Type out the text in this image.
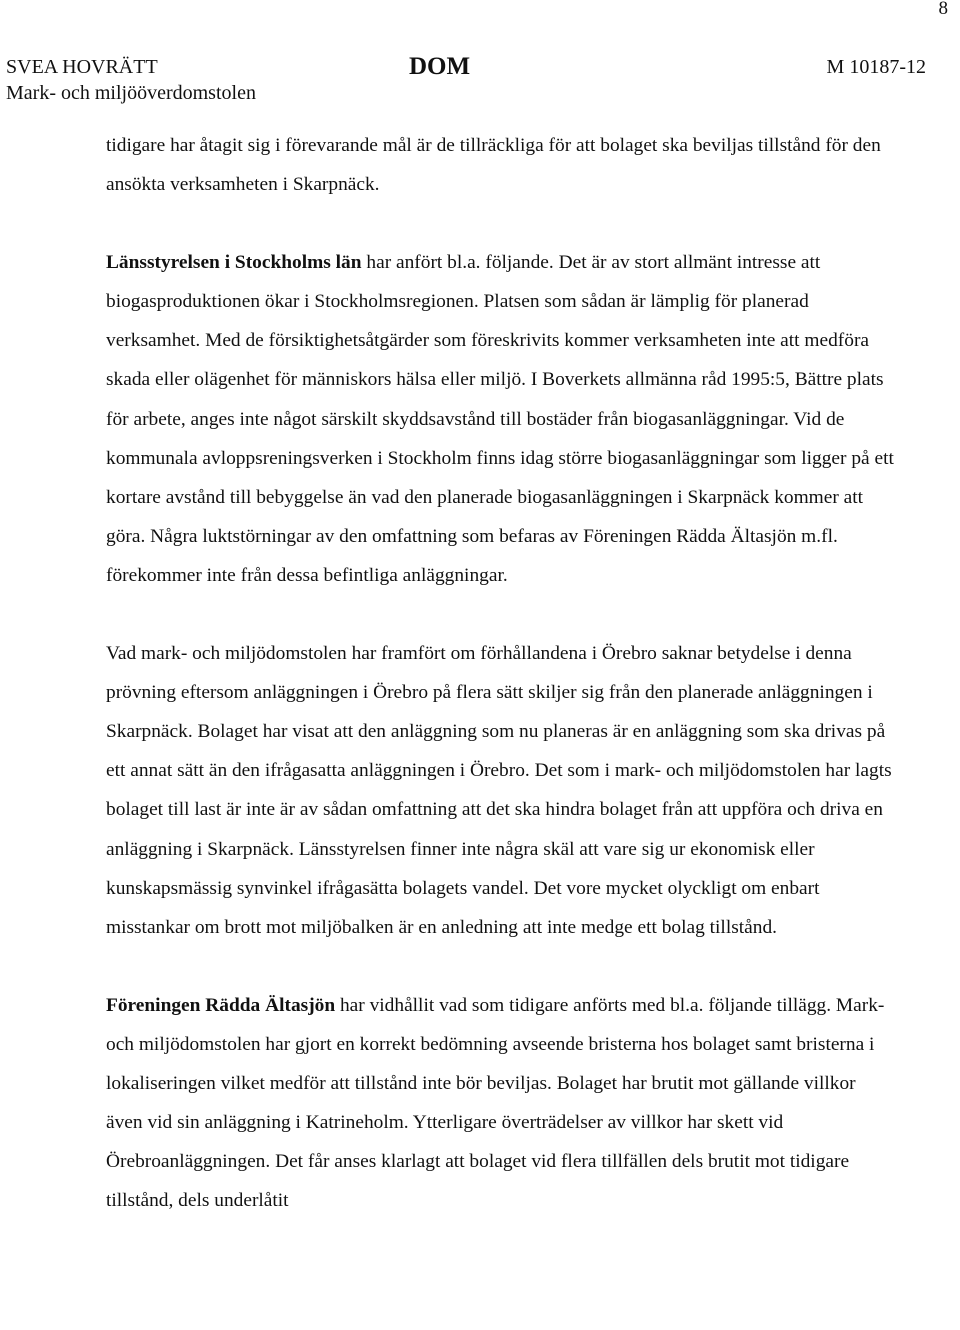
8
SVEA HOVRÄTT
Mark- och miljööverdomstolen
DOM	M 10187-12

tidigare har åtagit sig i förevarande mål är de tillräckliga för att bolaget ska beviljas tillstånd för den ansökta verksamheten i Skarpnäck.

Länsstyrelsen i Stockholms län har anfört bl.a. följande. Det är av stort allmänt intresse att biogasproduktionen ökar i Stockholmsregionen. Platsen som sådan är lämplig för planerad verksamhet. Med de försiktighetsåtgärder som föreskrivits kommer verksamheten inte att medföra skada eller olägenhet för människors hälsa eller miljö. I Boverkets allmänna råd 1995:5, Bättre plats för arbete, anges inte något särskilt skyddsavstånd till bostäder från biogasanläggningar. Vid de kommunala avloppsreningsverken i Stockholm finns idag större biogasanläggningar som ligger på ett kortare avstånd till bebyggelse än vad den planerade biogasanläggningen i Skarpnäck kommer att göra. Några luktstörningar av den omfattning som befaras av Föreningen Rädda Ältasjön m.fl. förekommer inte från dessa befintliga anläggningar.

Vad mark- och miljödomstolen har framfört om förhållandena i Örebro saknar betydelse i denna prövning eftersom anläggningen i Örebro på flera sätt skiljer sig från den planerade anläggningen i Skarpnäck. Bolaget har visat att den anläggning som nu planeras är en anläggning som ska drivas på ett annat sätt än den ifrågasatta anläggningen i Örebro. Det som i mark- och miljödomstolen har lagts bolaget till last är inte är av sådan omfattning att det ska hindra bolaget från att uppföra och driva en anläggning i Skarpnäck. Länsstyrelsen finner inte några skäl att vare sig ur ekonomisk eller kunskapsmässig synvinkel ifrågasätta bolagets vandel. Det vore mycket olyckligt om enbart misstankar om brott mot miljöbalken är en anledning att inte medge ett bolag tillstånd.

Föreningen Rädda Ältasjön har vidhållit vad som tidigare anförts med bl.a. följande tillägg. Mark- och miljödomstolen har gjort en korrekt bedömning avseende bristerna hos bolaget samt bristerna i lokaliseringen vilket medför att tillstånd inte bör beviljas. Bolaget har brutit mot gällande villkor även vid sin anläggning i Katrineholm. Ytterligare överträdelser av villkor har skett vid Örebroanläggningen. Det får anses klarlagt att bolaget vid flera tillfällen dels brutit mot tidigare tillstånd, dels underlåtit
